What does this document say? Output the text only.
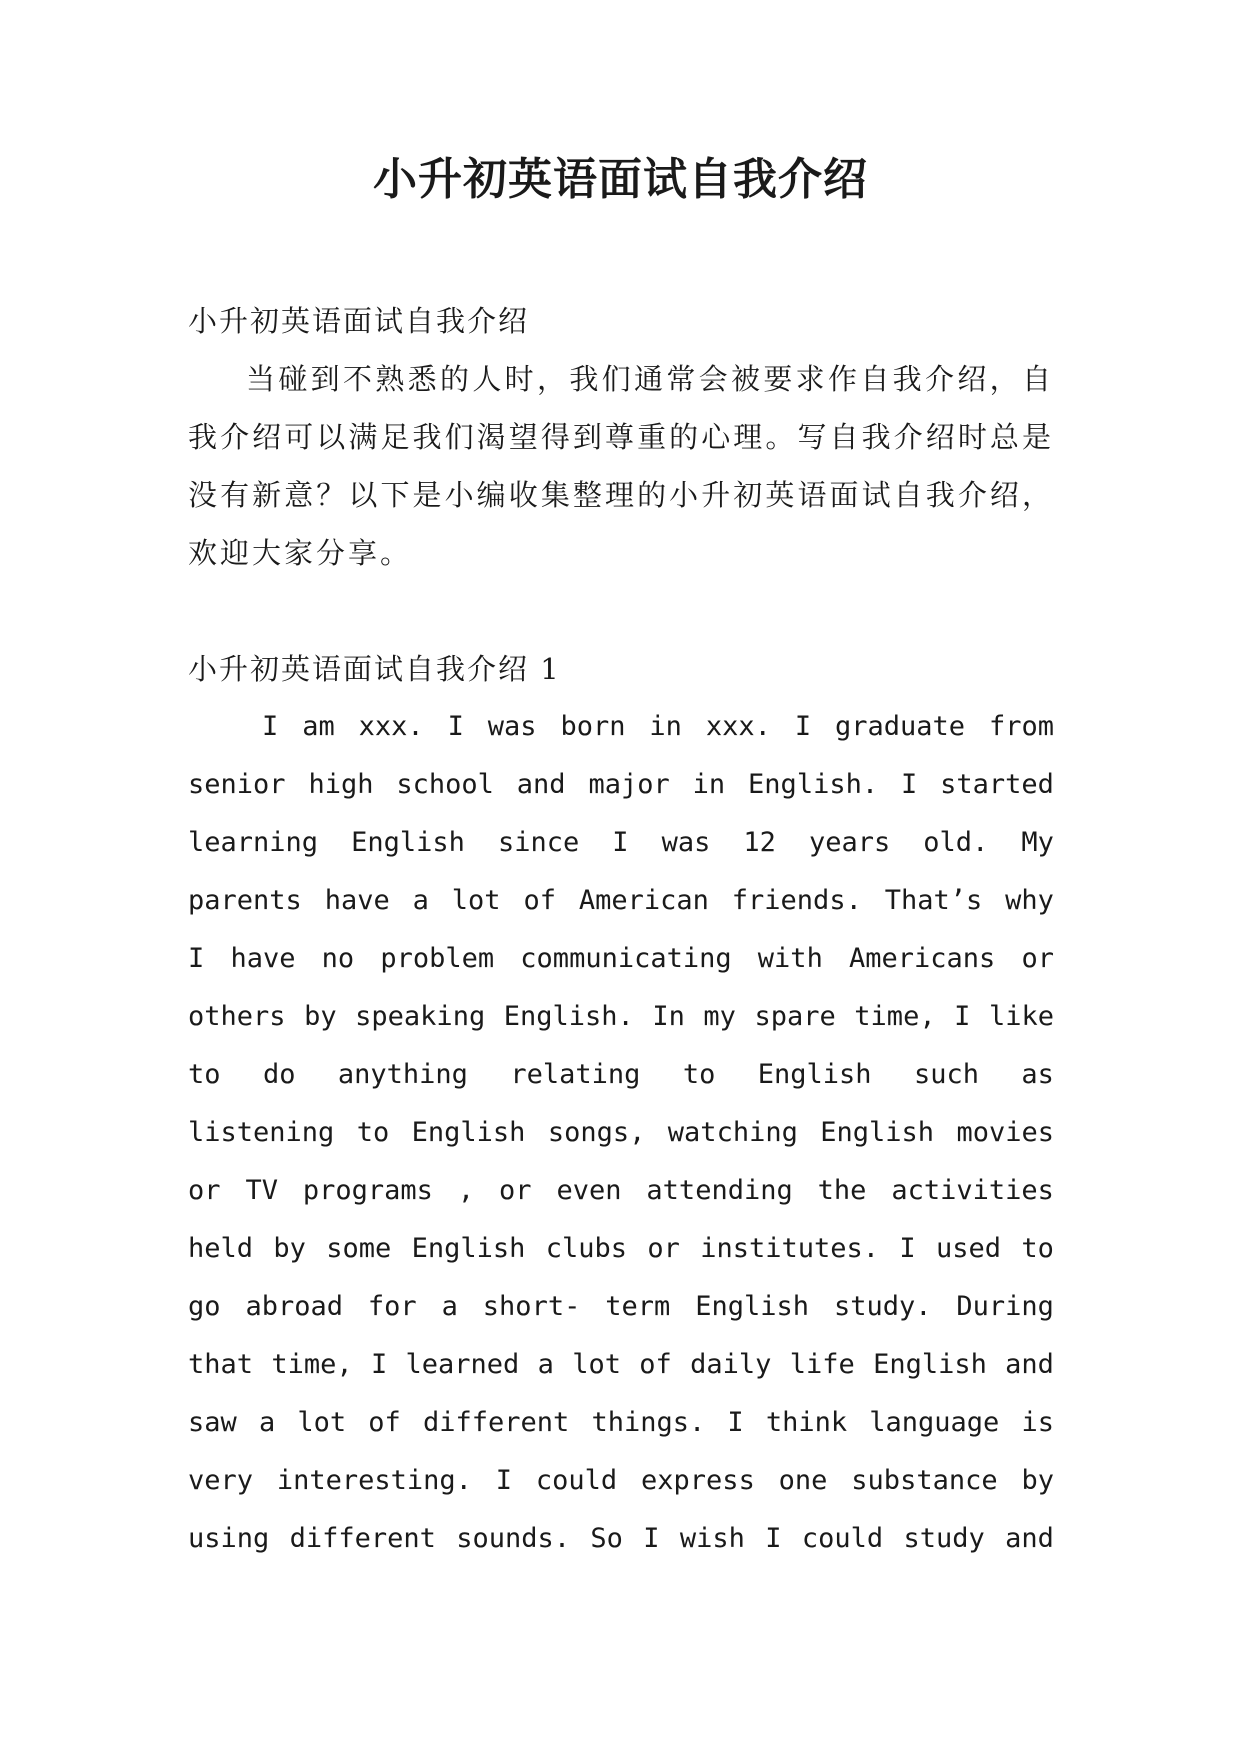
小升初英语面试自我介绍

小升初英语面试自我介绍

当碰到不熟悉的人时，我们通常会被要求作自我介绍，自我介绍可以满足我们渴望得到尊重的心理。写自我介绍时总是没有新意？以下是小编收集整理的小升初英语面试自我介绍，欢迎大家分享。

小升初英语面试自我介绍 1

I am xxx. I was born in xxx. I graduate from
senior high school and major in English. I started
learning English since I was 12 years old. My
parents have a lot of American friends. That’s why
I have no problem communicating with Americans or
others by speaking English. In my spare time, I like
to do anything relating to English such as
listening to English songs, watching English movies
or TV programs , or even attending the activities
held by some English clubs or institutes. I used to
go abroad for a short- term English study. During
that time, I learned a lot of daily life English and
saw a lot of different things. I think language is
very interesting. I could express one substance by
using different sounds. So I wish I could study and
